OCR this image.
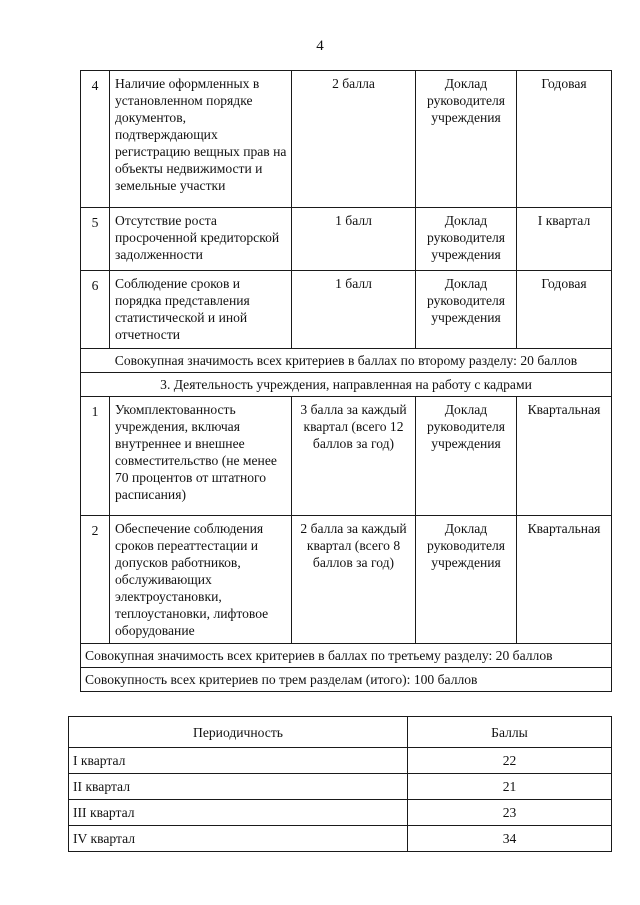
4
4	Наличие оформленных в установленном порядке документов, подтверждающих регистрацию вещных прав на объекты недвижимости и земельные участки	2 балла	Доклад руководителя учреждения	Годовая
5	Отсутствие роста просроченной кредиторской задолженности	1 балл	Доклад руководителя учреждения	I квартал
6	Соблюдение сроков и порядка представления статистической и иной отчетности	1 балл	Доклад руководителя учреждения	Годовая
Совокупная значимость всех критериев в баллах по второму разделу: 20 баллов				
3. Деятельность учреждения, направленная на работу с кадрами				
1	Укомплектованность учреждения, включая внутреннее и внешнее совместительство (не менее 70 процентов от штатного расписания)	3 балла за каждый квартал (всего 12 баллов за год)	Доклад руководителя учреждения	Квартальная
2	Обеспечение соблюдения сроков переаттестации и допусков работников, обслуживающих электроустановки, теплоустановки, лифтовое оборудование	2 балла за каждый квартал (всего 8 баллов за год)	Доклад руководителя учреждения	Квартальная
Совокупная значимость всех критериев в баллах по третьему разделу: 20 баллов				
Совокупность всех критериев по трем разделам (итого): 100 баллов				
Периодичность	Баллы
I квартал	22
II квартал	21
III квартал	23
IV квартал	34
